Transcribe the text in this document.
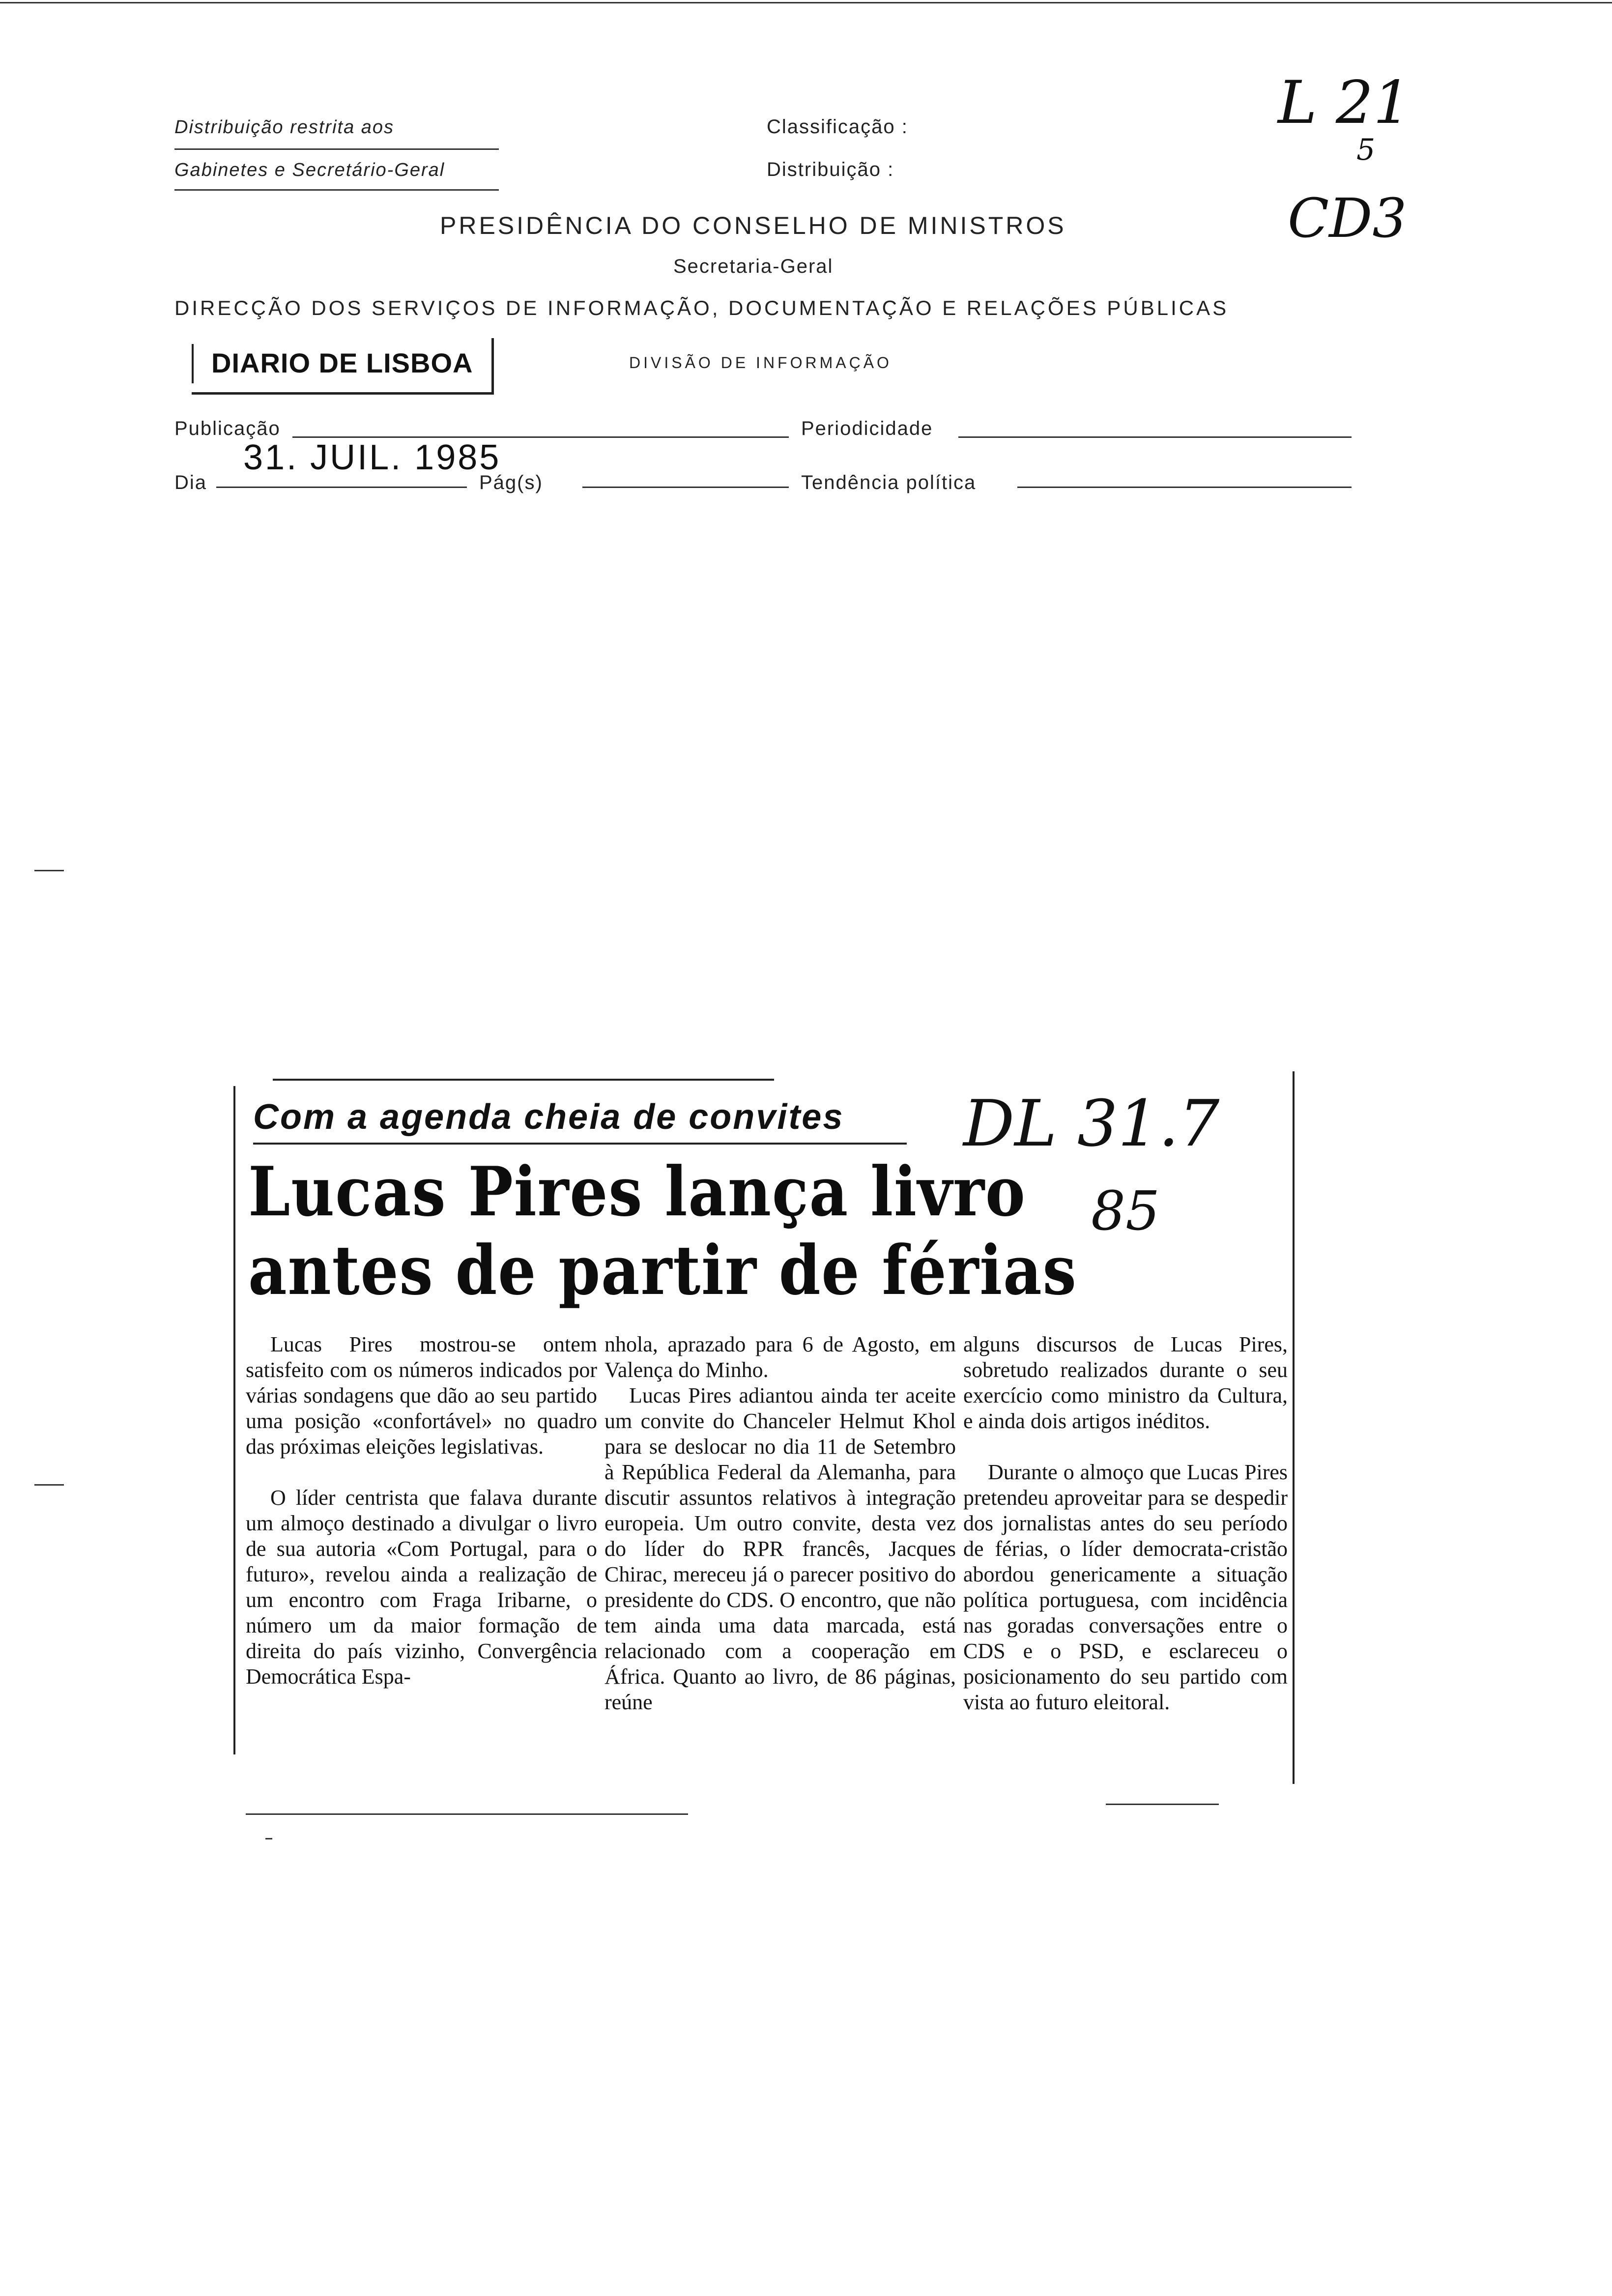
Distribuição restrita aos
Gabinetes e Secretário-Geral
Classificação :
Distribuição :
PRESIDÊNCIA DO CONSELHO DE MINISTROS
Secretaria-Geral
DIRECÇÃO DOS SERVIÇOS DE INFORMAÇÃO, DOCUMENTAÇÃO E RELAÇÕES PÚBLICAS
DIARIO DE LISBOA	DIVISÃO DE INFORMAÇÃO
Publicação	Periodicidade
Dia
31. JUIL. 1985
Pág(s)	Tendência política
L 21
5
CD3
Com a agenda cheia de convites
Lucas Pires lança livro
antes de partir de férias
DL 31.7
85

Lucas Pires mostrou-se ontem satisfeito com os números indicados por várias sondagens que dão ao seu partido uma posição «confortável» no quadro das próximas eleições legislativas.

O líder centrista que falava durante um almoço destinado a divulgar o livro de sua autoria «Com Portugal, para o futuro», revelou ainda a realização de um encontro com Fraga Iribarne, o número um da maior formação de direita do país vizinho, Convergência Democrática Espa-

nhola, aprazado para 6 de Agosto, em Valença do Minho.

Lucas Pires adiantou ainda ter aceite um convite do Chanceler Helmut Khol para se deslocar no dia 11 de Setembro à República Federal da Alemanha, para discutir assuntos relativos à integração europeia. Um outro convite, desta vez do líder do RPR francês, Jacques Chirac, mereceu já o parecer positivo do presidente do CDS. O encontro, que não tem ainda uma data marcada, está relacionado com a cooperação em África. Quanto ao livro, de 86 páginas, reúne

alguns discursos de Lucas Pires, sobretudo realizados durante o seu exercício como ministro da Cultura, e ainda dois artigos inéditos.

Durante o almoço que Lucas Pires pretendeu aproveitar para se despedir dos jornalistas antes do seu período de férias, o líder democrata-cristão abordou genericamente a situação política portuguesa, com incidência nas goradas conversações entre o CDS e o PSD, e esclareceu o posicionamento do seu partido com vista ao futuro eleitoral.
